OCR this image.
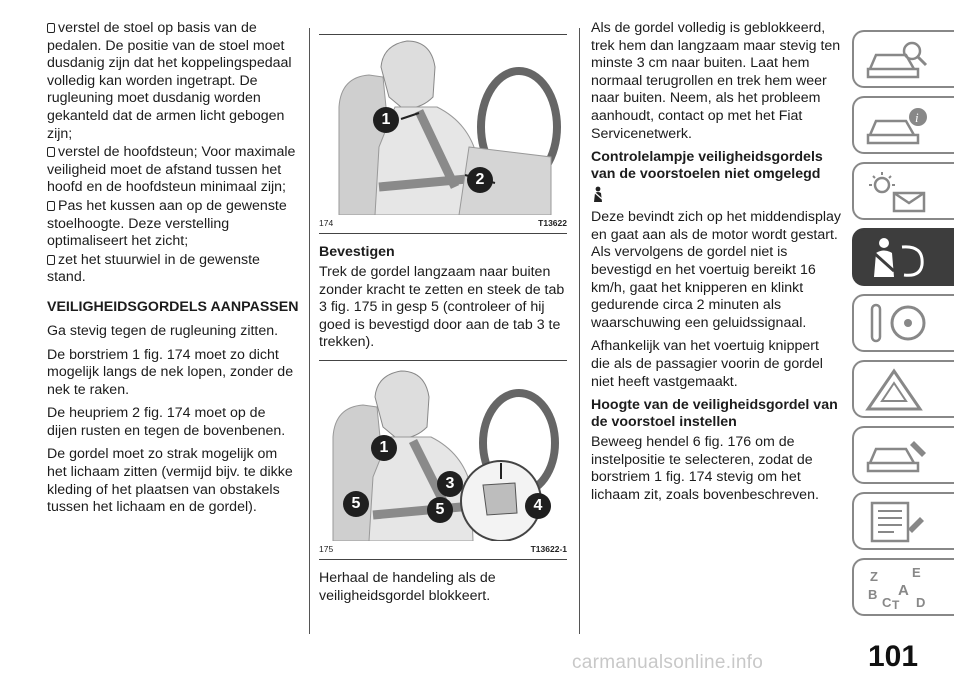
verstel de stoel op basis van de pedalen. De positie van de stoel moet dusdanig zijn dat het koppelingspedaal volledig kan worden ingetrapt. De rugleuning moet dusdanig worden gekanteld dat de armen licht gebogen zijn;

verstel de hoofdsteun; Voor maximale veiligheid moet de afstand tussen het hoofd en de hoofdsteun minimaal zijn;

Pas het kussen aan op de gewenste stoelhoogte. Deze verstelling optimaliseert het zicht;

zet het stuurwiel in de gewenste stand.

VEILIGHEIDSGORDELS AANPASSEN

Ga stevig tegen de rugleuning zitten.

De borstriem 1 fig. 174 moet zo dicht mogelijk langs de nek lopen, zonder de nek te raken.

De heupriem 2 fig. 174 moet op de dijen rusten en tegen de bovenbenen.

De gordel moet zo strak mogelijk om het lichaam zitten (vermijd bijv. te dikke kleding of het plaatsen van obstakels tussen het lichaam en de gordel).

1
2
174	T13622
Bevestigen

Trek de gordel langzaam naar buiten zonder kracht te zetten en steek de tab 3 fig. 175 in gesp 5 (controleer of hij goed is bevestigd door aan de tab 3 te trekken).

1
3
5	5	4
175	T13622-1

Herhaal de handeling als de veiligheidsgordel blokkeert.

Als de gordel volledig is geblokkeerd, trek hem dan langzaam maar stevig ten minste 3 cm naar buiten. Laat hem normaal terugrollen en trek hem weer naar buiten. Neem, als het probleem aanhoudt, contact op met het Fiat Servicenetwerk.

Controlelampje veiligheidsgordels van de voorstoelen niet omgelegd

Deze bevindt zich op het middendisplay en gaat aan als de motor wordt gestart. Als vervolgens de gordel niet is bevestigd en het voertuig bereikt 16 km/h, gaat het knipperen en klinkt gedurende circa 2 minuten als waarschuwing een geluidssignaal.

Afhankelijk van het voertuig knippert die als de passagier voorin de gordel niet heeft vastgemaakt.

Hoogte van de veiligheidsgordel van de voorstoel instellen

Beweeg hendel 6 fig. 176 om de instelpositie te selecteren, zodat de borstriem 1 fig. 174 stevig om het lichaam zit, zoals bovenbeschreven.

i
Z	E
B A
C T D
101
carmanualsonline.info
